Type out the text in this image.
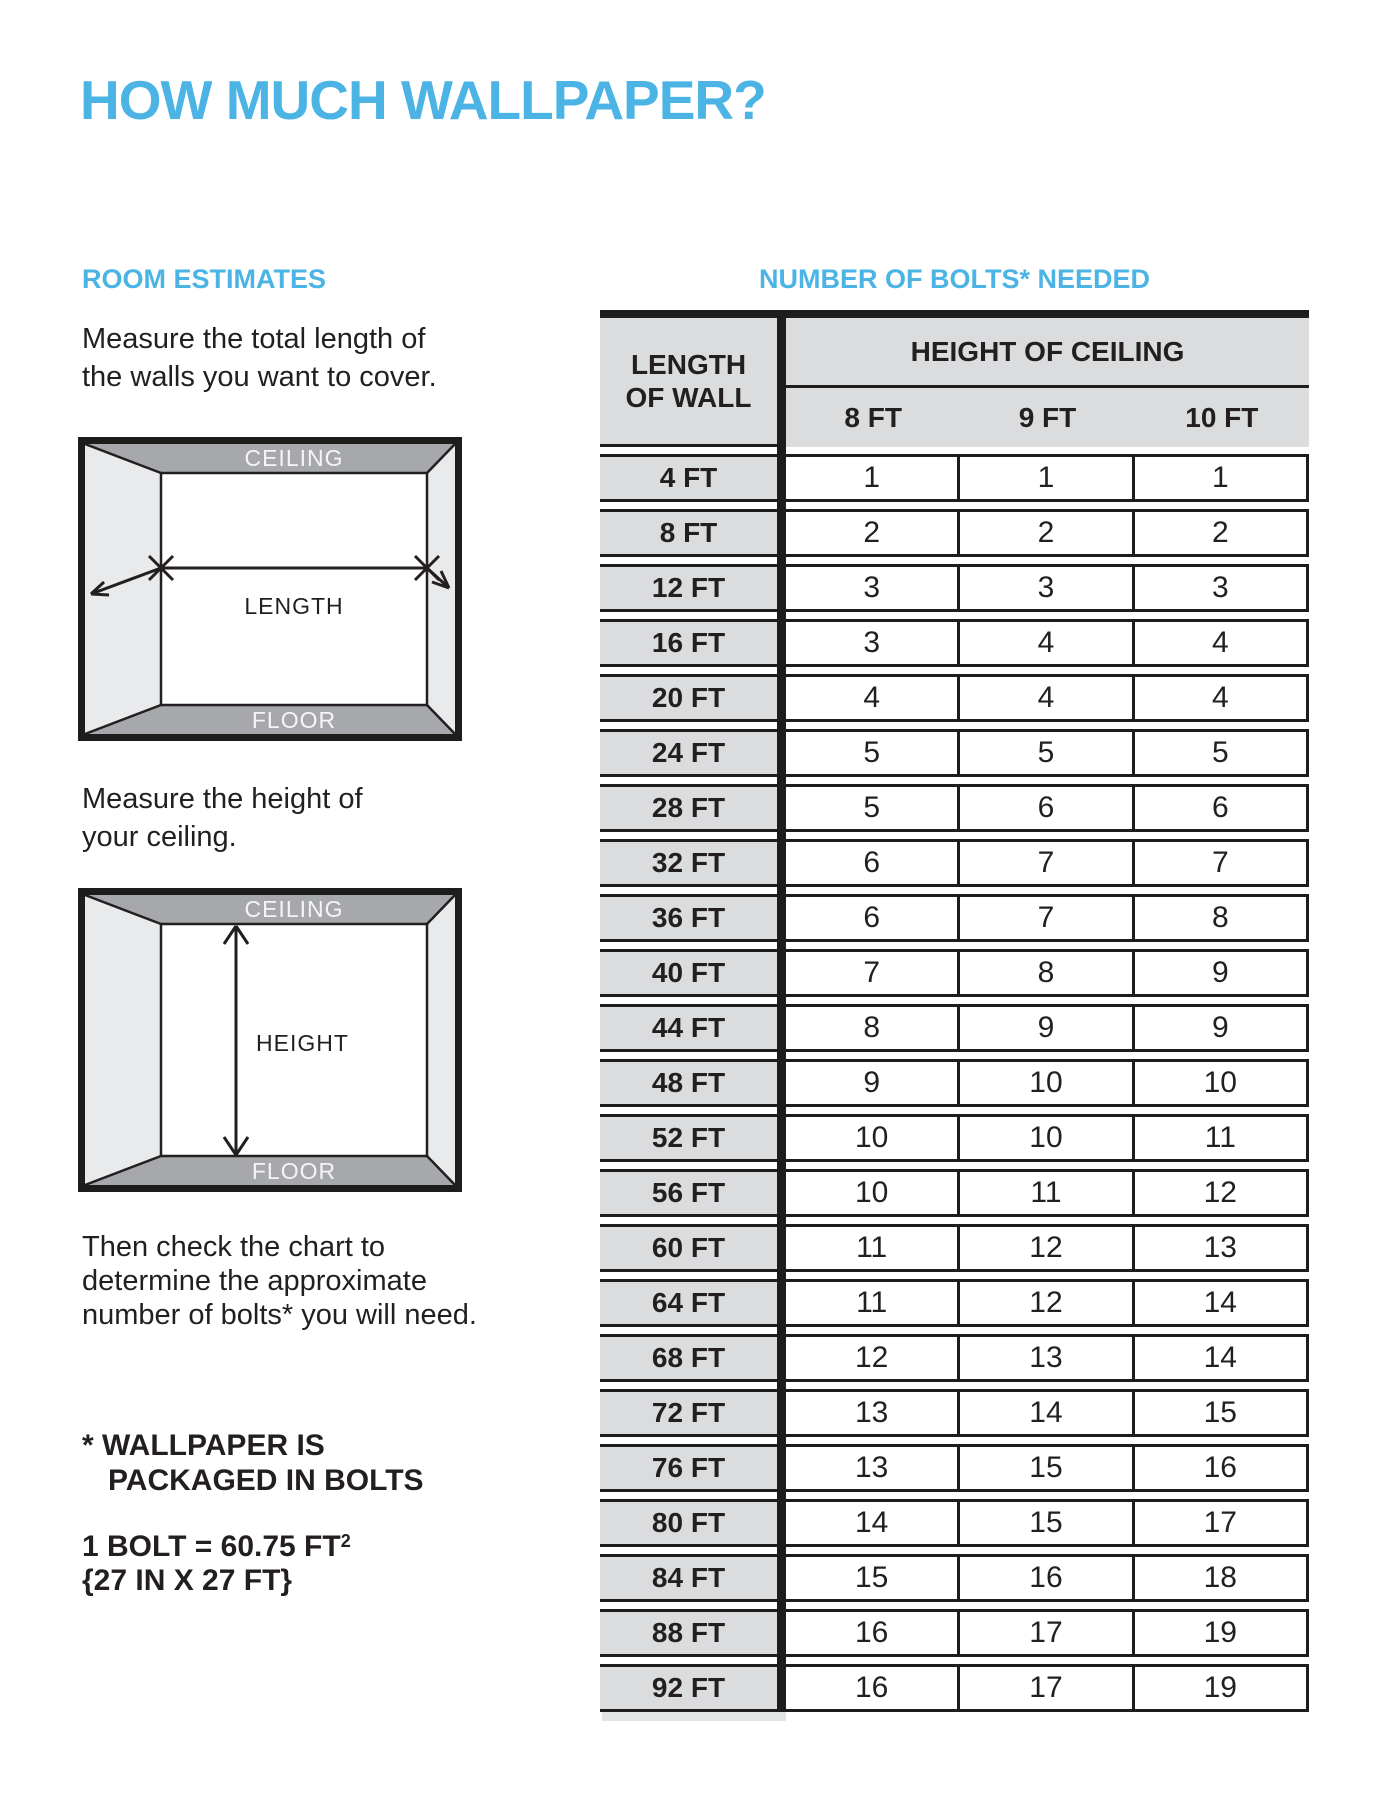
HOW MUCH WALLPAPER?
ROOM ESTIMATES	NUMBER OF BOLTS* NEEDED
Measure the total length of
the walls you want to cover.
CEILING
FLOOR
LENGTH
Measure the height of
your ceiling.
CEILING
FLOOR
HEIGHT
Then check the chart to
determine the approximate
number of bolts* you will need.
* WALLPAPER IS
PACKAGED IN BOLTS
1 BOLT = 60.75 $FT^2$
{27 IN X 27 FT}
LENGTH
OF WALL
HEIGHT OF CEILING
8 FT	9 FT	10 FT
4 FT	1	1	1
8 FT	2	2	2
12 FT	3	3	3
16 FT	3	4	4
20 FT	4	4	4
24 FT	5	5	5
28 FT	5	6	6
32 FT	6	7	7
36 FT	6	7	8
40 FT	7	8	9
44 FT	8	9	9
48 FT	9	10	10
52 FT	10	10	11
56 FT	10	11	12
60 FT	11	12	13
64 FT	11	12	14
68 FT	12	13	14
72 FT	13	14	15
76 FT	13	15	16
80 FT	14	15	17
84 FT	15	16	18
88 FT	16	17	19
92 FT	16	17	19
